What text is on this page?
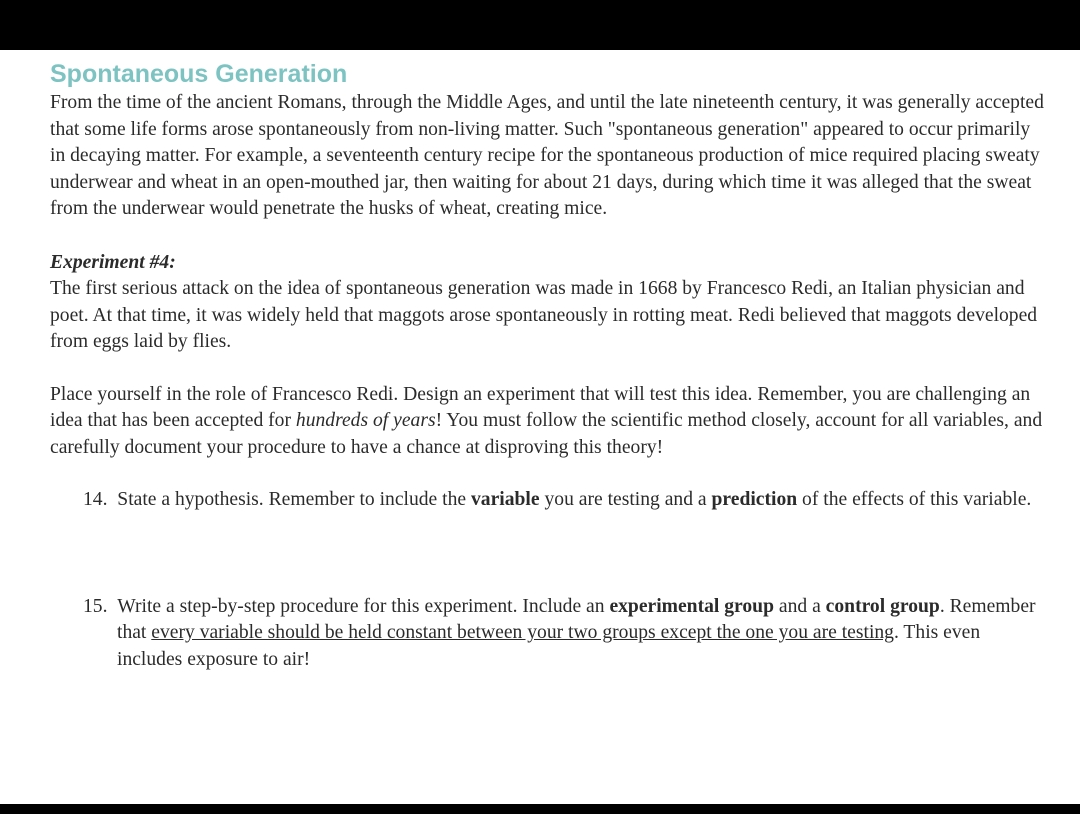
Spontaneous Generation

From the time of the ancient Romans, through the Middle Ages, and until the late nineteenth century, it was generally accepted that some life forms arose spontaneously from non-living matter. Such "spontaneous generation" appeared to occur primarily in decaying matter. For example, a seventeenth century recipe for the spontaneous production of mice required placing sweaty underwear and wheat in an open-mouthed jar, then waiting for about 21 days, during which time it was alleged that the sweat from the underwear would penetrate the husks of wheat, creating mice.

Experiment #4:

The first serious attack on the idea of spontaneous generation was made in 1668 by Francesco Redi, an Italian physician and poet. At that time, it was widely held that maggots arose spontaneously in rotting meat. Redi believed that maggots developed from eggs laid by flies.

Place yourself in the role of Francesco Redi. Design an experiment that will test this idea. Remember, you are challenging an idea that has been accepted for hundreds of years! You must follow the scientific method closely, account for all variables, and carefully document your procedure to have a chance at disproving this theory!

14. State a hypothesis. Remember to include the variable you are testing and a prediction of the effects of this variable.

15. Write a step-by-step procedure for this experiment. Include an experimental group and a control group. Remember that every variable should be held constant between your two groups except the one you are testing. This even includes exposure to air!
